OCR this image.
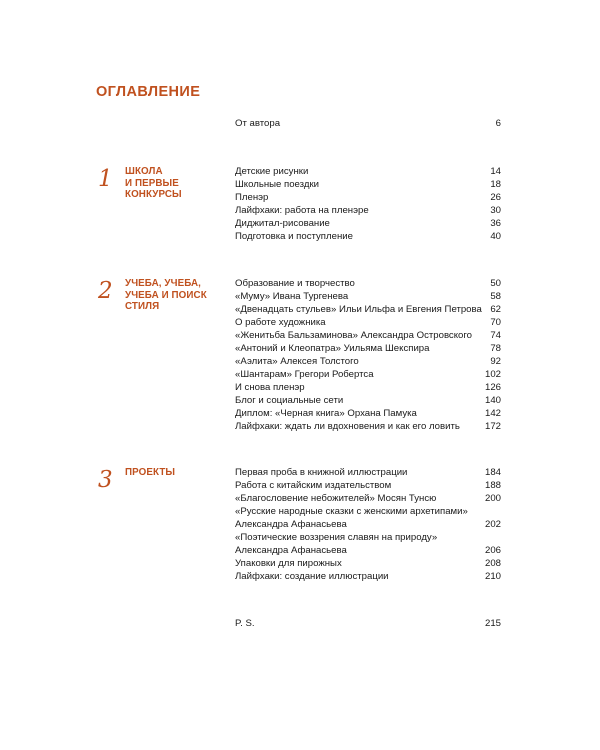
ОГЛАВЛЕНИЕ
От автора	6
1 ШКОЛА
И ПЕРВЫЕ
КОНКУРСЫ
Детские рисунки	14
Школьные поездки	18
Пленэр	26
Лайфхаки: работа на пленэре	30
Диджитал-рисование	36
Подготовка и поступление	40
2 УЧЕБА, УЧЕБА,
УЧЕБА И ПОИСК
СТИЛЯ
Образование и творчество	50
«Муму» Ивана Тургенева	58
«Двенадцать стульев» Ильи Ильфа и Евгения Петрова 62
О работе художника	70
«Женитьба Бальзаминова» Александра Островского 74
«Антоний и Клеопатра» Уильяма Шекспира	78
«Аэлита» Алексея Толстого	92
«Шантарам» Грегори Робертса	102
И снова пленэр	126
Блог и социальные сети	140
Диплом: «Черная книга» Орхана Памука	142
Лайфхаки: ждать ли вдохновения и как его ловить	172
3 ПРОЕКТЫ	Первая проба в книжной иллюстрации	184
Работа с китайским издательством	188
«Благословение небожителей» Мосян Тунсю	200
«Русские народные сказки с женскими архетипами»
Александра Афанасьева	202
«Поэтические воззрения славян на природу»
Александра Афанасьева	206
Упаковки для пирожных	208
Лайфхаки: создание иллюстрации	210
P. S.	215
